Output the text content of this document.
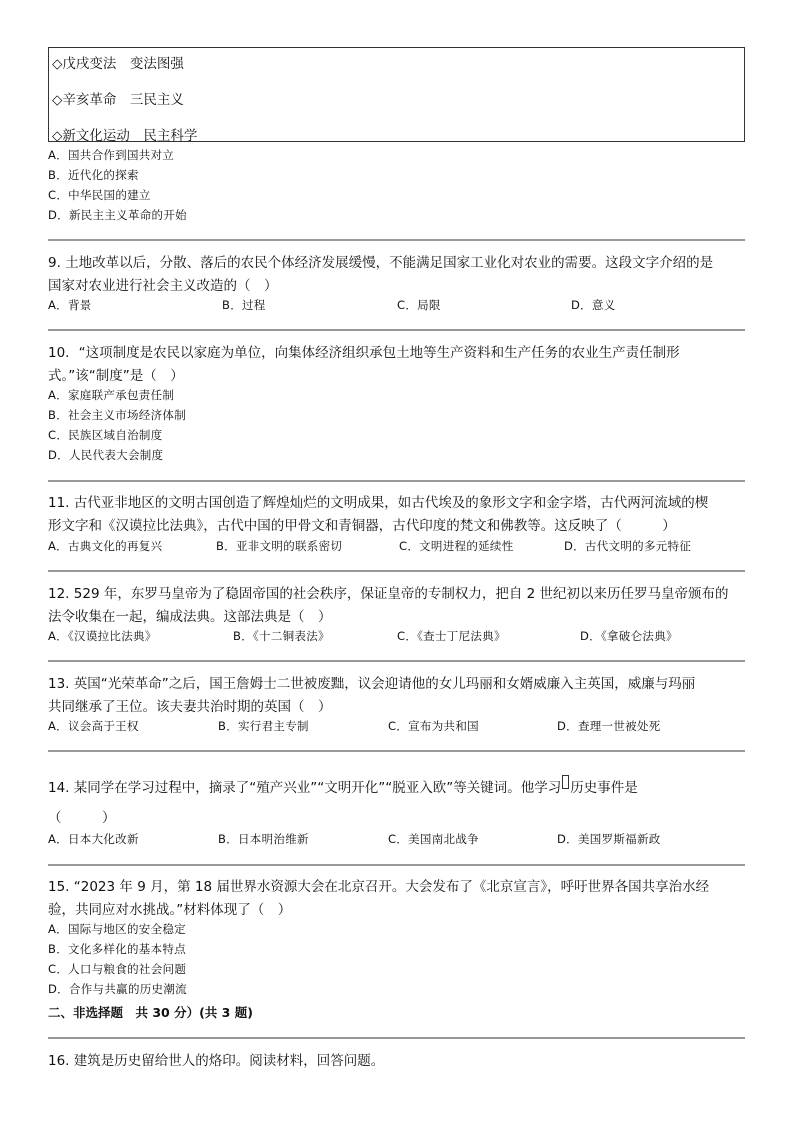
◇戊戌变法　变法图强
◇辛亥革命　三民主义
◇新文化运动　民主科学
A．国共合作到国共对立
B．近代化的探索
C．中华民国的建立
D．新民主主义革命的开始
9. 土地改革以后，分散、落后的农民个体经济发展缓慢，不能满足国家工业化对农业的需要。这段文字介绍的是
国家对农业进行社会主义改造的（　）
A．背景	B．过程	C．局限	D．意义
10．“这项制度是农民以家庭为单位，向集体经济组织承包土地等生产资料和生产任务的农业生产责任制形
式。”该“制度”是（　）
A．家庭联产承包责任制
B．社会主义市场经济体制
C．民族区域自治制度
D．人民代表大会制度
11. 古代亚非地区的文明古国创造了辉煌灿烂的文明成果，如古代埃及的象形文字和金字塔，古代两河流域的楔
形文字和《汉谟拉比法典》，古代中国的甲骨文和青铜器，古代印度的梵文和佛教等。这反映了（　　　）
A．古典文化的再复兴	B．亚非文明的联系密切	C．文明进程的延续性	D．古代文明的多元特征
12. 529 年，东罗马皇帝为了稳固帝国的社会秩序，保证皇帝的专制权力，把自 2 世纪初以来历任罗马皇帝颁布的
法令收集在一起，编成法典。这部法典是（　）
A．《汉谟拉比法典》	B．《十二铜表法》	C．《查士丁尼法典》	D．《拿破仑法典》
13. 英国“光荣革命”之后，国王詹姆士二世被废黜，议会迎请他的女儿玛丽和女婿威廉入主英国，威廉与玛丽
共同继承了王位。该夫妻共治时期的英国（　）
A．议会高于王权	B．实行君主专制	C．宣布为共和国	D．查理一世被处死
14. 某同学在学习过程中，摘录了“殖产兴业”“文明开化”“脱亚入欧”等关键词。他学习 历史事件是
（　　　）
A．日本大化改新	B．日本明治维新	C．美国南北战争	D．美国罗斯福新政
15. “2023 年 9 月，第 18 届世界水资源大会在北京召开。大会发布了《北京宣言》，呼吁世界各国共享治水经
验，共同应对水挑战。”材料体现了（　）
A．国际与地区的安全稳定
B．文化多样化的基本特点
C．人口与粮食的社会问题
D．合作与共赢的历史潮流
二、非选择题　共 30 分）(共 3 题)
16. 建筑是历史留给世人的烙印。阅读材料，回答问题。
